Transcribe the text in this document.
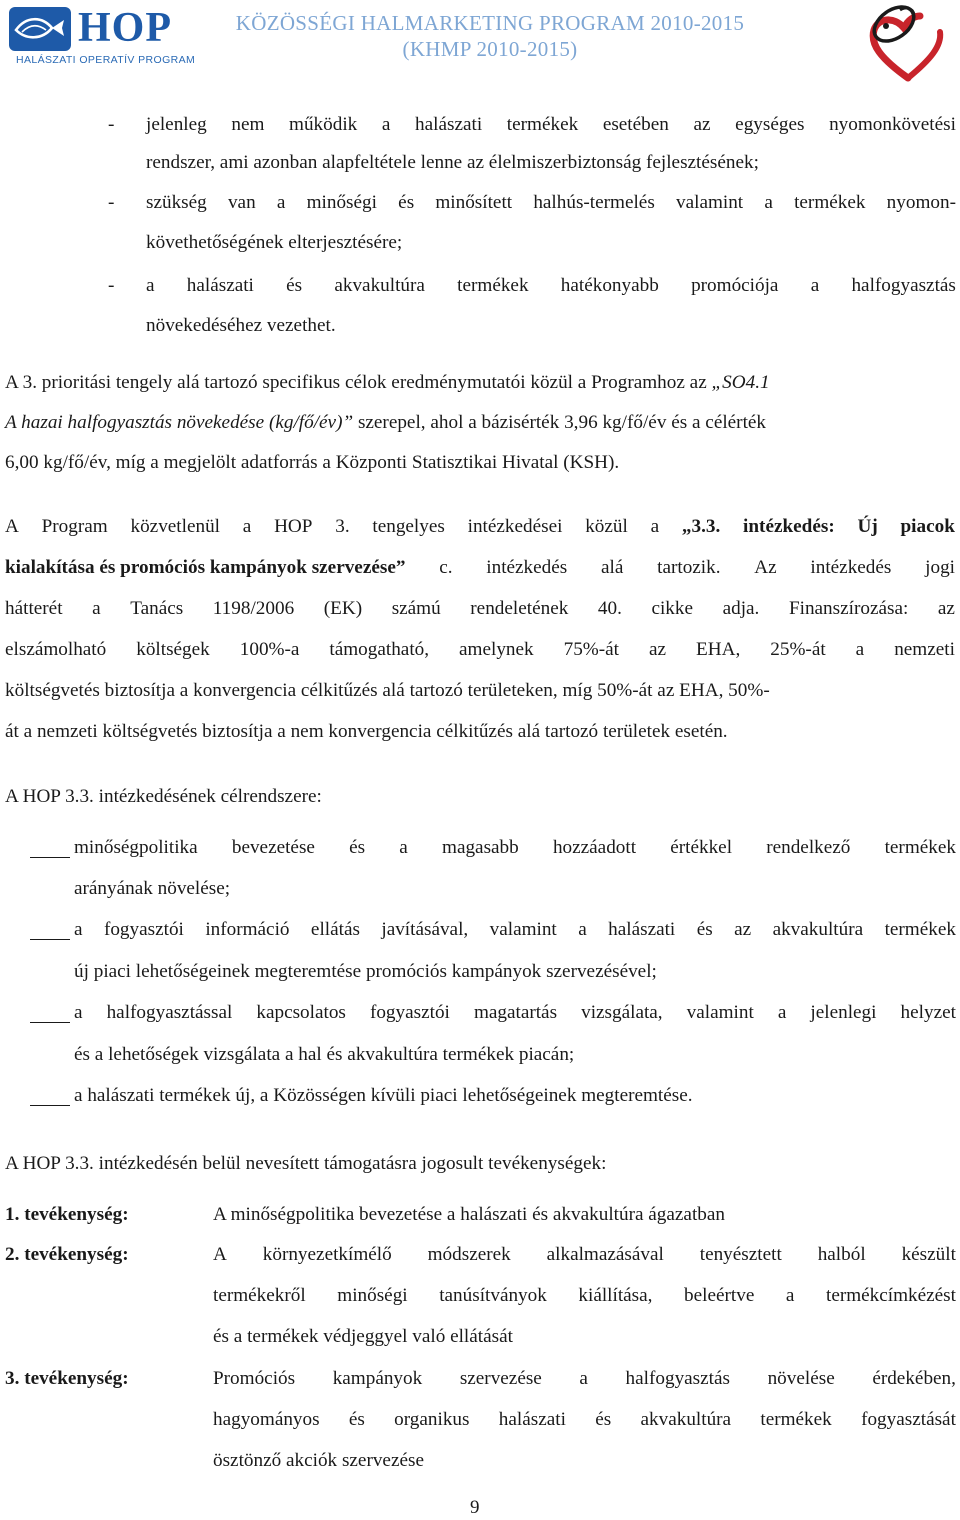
HOP
HALÁSZATI OPERATÍV PROGRAM
KÖZÖSSÉGI HALMARKETING PROGRAM 2010-2015
(KHMP 2010-2015)
- jelenleg nem működik a halászati termékek esetében az egységes nyomonkövetési
rendszer, ami azonban alapfeltétele lenne az élelmiszerbiztonság fejlesztésének;
- szükség van a minőségi és minősített halhús-termelés valamint a termékek nyomon-
követhetőségének elterjesztésére;
- a halászati és akvakultúra termékek hatékonyabb promóciója a halfogyasztás
növekedéséhez vezethet.
A 3. prioritási tengely alá tartozó specifikus célok eredménymutatói közül a Programhoz az „SO4.1
A hazai halfogyasztás növekedése (kg/fő/év)” szerepel, ahol a bázisérték 3,96 kg/fő/év és a célérték
6,00 kg/fő/év, míg a megjelölt adatforrás a Központi Statisztikai Hivatal (KSH).
A Program közvetlenül a HOP 3. tengelyes intézkedései közül a „3.3. intézkedés: Új piacok
kialakítása és promóciós kampányok szervezése” c. intézkedés alá tartozik. Az intézkedés jogi
hátterét a Tanács 1198/2006 (EK) számú rendeletének 40. cikke adja. Finanszírozása: az
elszámolható költségek 100%-a támogatható, amelynek 75%-át az EHA, 25%-át a nemzeti
költségvetés biztosítja a konvergencia célkitűzés alá tartozó területeken, míg 50%-át az EHA, 50%-
át a nemzeti költségvetés biztosítja a nem konvergencia célkitűzés alá tartozó területek esetén.
A HOP 3.3. intézkedésének célrendszere:
minőségpolitika bevezetése és a magasabb hozzáadott értékkel rendelkező termékek
arányának növelése;
a fogyasztói információ ellátás javításával, valamint a halászati és az akvakultúra termékek
új piaci lehetőségeinek megteremtése promóciós kampányok szervezésével;
a halfogyasztással kapcsolatos fogyasztói magatartás vizsgálata, valamint a jelenlegi helyzet
és a lehetőségek vizsgálata a hal és akvakultúra termékek piacán;
a halászati termékek új, a Közösségen kívüli piaci lehetőségeinek megteremtése.
A HOP 3.3. intézkedésén belül nevesített támogatásra jogosult tevékenységek:
1. tevékenység:	A minőségpolitika bevezetése a halászati és akvakultúra ágazatban
2. tevékenység:	A környezetkímélő módszerek alkalmazásával tenyésztett halból készült
termékekről minőségi tanúsítványok kiállítása, beleértve a termékcímkézést
és a termékek védjeggyel való ellátását
3. tevékenység:	Promóciós kampányok szervezése a halfogyasztás növelése érdekében,
hagyományos és organikus halászati és akvakultúra termékek fogyasztását
ösztönző akciók szervezése
9
